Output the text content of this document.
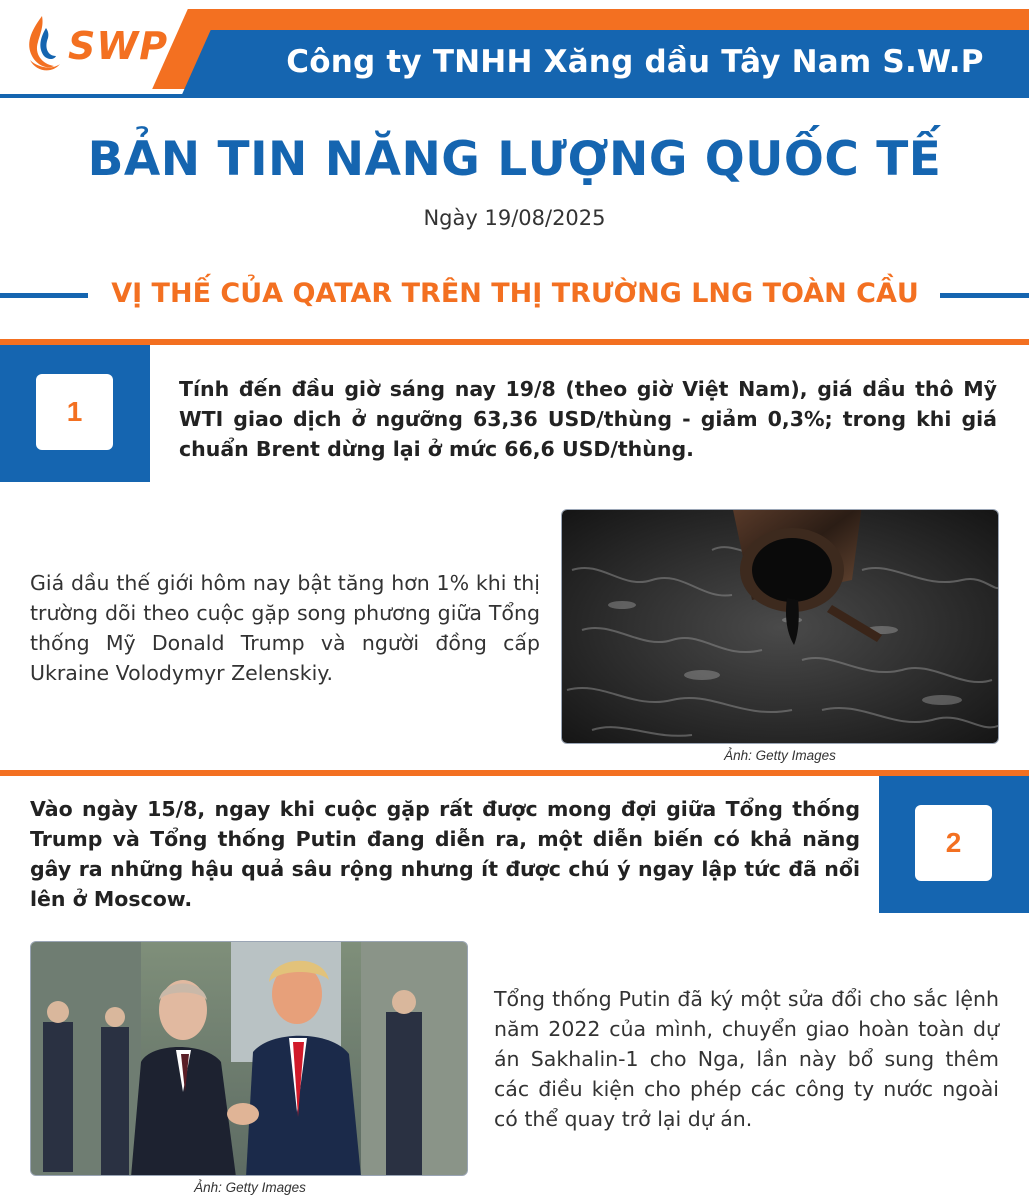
Công ty TNHH Xăng dầu Tây Nam S.W.P
SWP
BẢN TIN NĂNG LƯỢNG QUỐC TẾ
Ngày 19/08/2025
VỊ THẾ CỦA QATAR TRÊN THỊ TRƯỜNG LNG TOÀN CẦU
1

Tính đến đầu giờ sáng nay 19/8 (theo giờ Việt Nam), giá dầu thô Mỹ WTI giao dịch ở ngưỡng 63,36 USD/thùng - giảm 0,3%; trong khi giá chuẩn Brent dừng lại ở mức 66,6 USD/thùng.

Giá dầu thế giới hôm nay bật tăng hơn 1% khi thị trường dõi theo cuộc gặp song phương giữa Tổng thống Mỹ Donald Trump và người đồng cấp Ukraine Volodymyr Zelenskiy.

Ảnh: Getty Images

Vào ngày 15/8, ngay khi cuộc gặp rất được mong đợi giữa Tổng thống Trump và Tổng thống Putin đang diễn ra, một diễn biến có khả năng gây ra những hậu quả sâu rộng nhưng ít được chú ý ngay lập tức đã nổi lên ở Moscow.

2
Ảnh: Getty Images

Tổng thống Putin đã ký một sửa đổi cho sắc lệnh năm 2022 của mình, chuyển giao hoàn toàn dự án Sakhalin-1 cho Nga, lần này bổ sung thêm các điều kiện cho phép các công ty nước ngoài có thể quay trở lại dự án.
